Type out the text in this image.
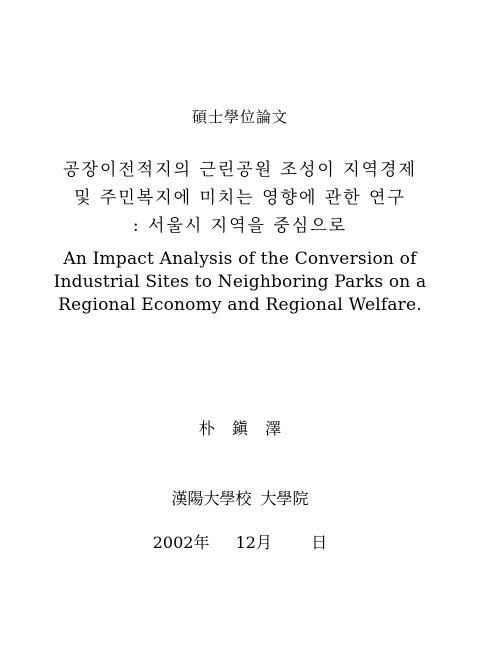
碩士學位論文
공장이전적지의 근린공원 조성이 지역경제
및 주민복지에 미치는 영향에 관한 연구
: 서울시 지역을 중심으로
An Impact Analysis of the Conversion of
Industrial Sites to Neighboring Parks on a
Regional Economy and Regional Welfare.
朴 鎭 澤
漢陽大學校 大學院
2002年  12月   日
